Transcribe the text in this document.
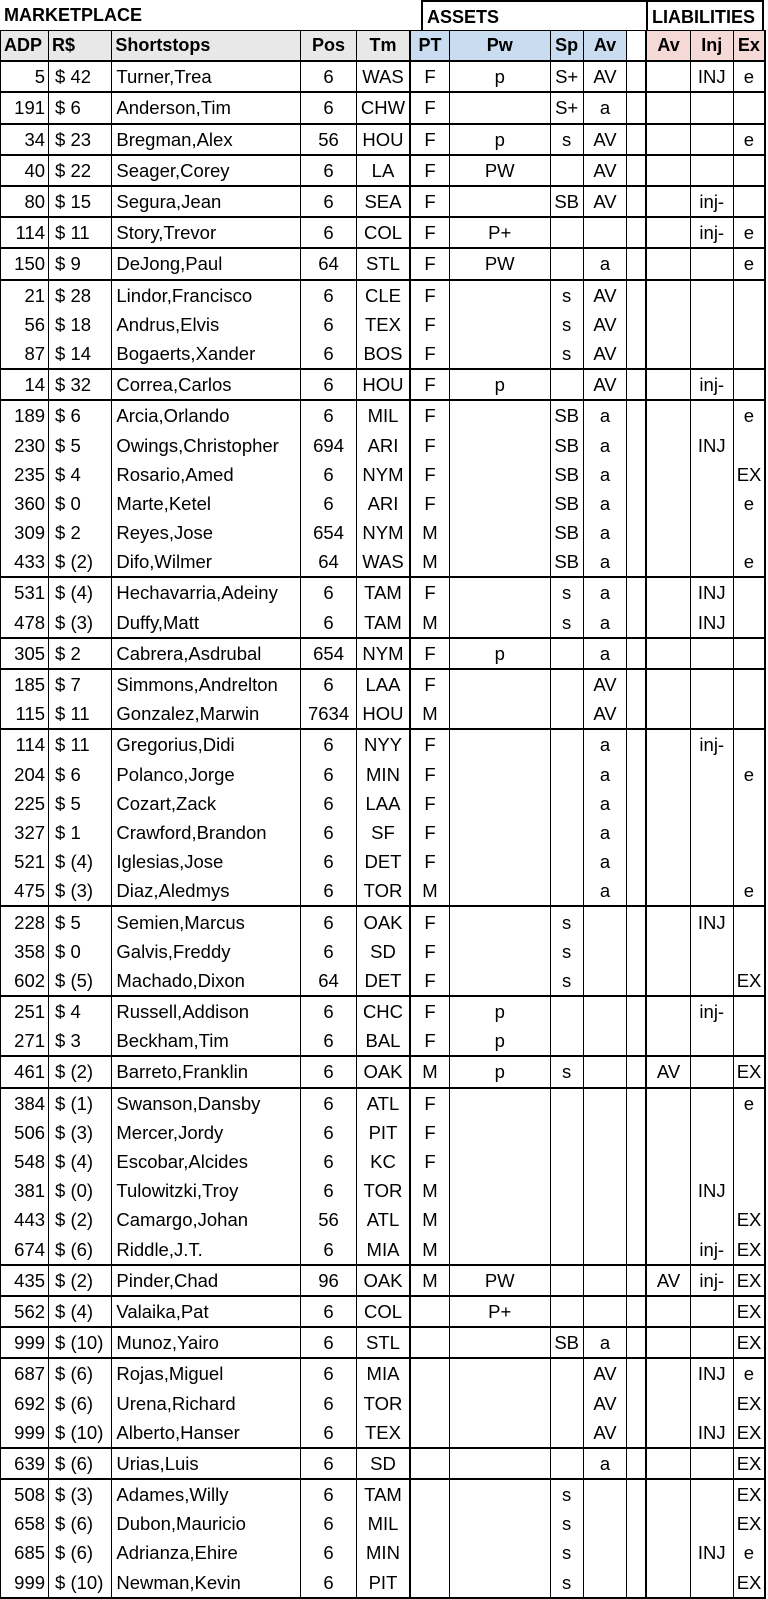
MARKETPLACE	ASSETS	LIABILITIES
ADP	R$	Shortstops	Pos	Tm	PT	Pw	Sp	Av		Av	Inj	Ex
5	$ 42	Turner,Trea	6	WAS	F	p	S+	AV			INJ	e
191	$ 6	Anderson,Tim	6	CHW	F		S+	a				
34	$ 23	Bregman,Alex	56	HOU	F	p	s	AV				e
40	$ 22	Seager,Corey	6	LA	F	PW		AV				
80	$ 15	Segura,Jean	6	SEA	F		SB	AV			inj-	
114	$ 11	Story,Trevor	6	COL	F	P+					inj-	e
150	$ 9	DeJong,Paul	64	STL	F	PW		a				e
21	$ 28	Lindor,Francisco	6	CLE	F		s	AV				
56	$ 18	Andrus,Elvis	6	TEX	F		s	AV				
87	$ 14	Bogaerts,Xander	6	BOS	F		s	AV				
14	$ 32	Correa,Carlos	6	HOU	F	p		AV			inj-	
189	$ 6	Arcia,Orlando	6	MIL	F		SB	a				e
230	$ 5	Owings,Christopher	694	ARI	F		SB	a			INJ	
235	$ 4	Rosario,Amed	6	NYM	F		SB	a				EX
360	$ 0	Marte,Ketel	6	ARI	F		SB	a				e
309	$ 2	Reyes,Jose	654	NYM	M		SB	a				
433	$ (2)	Difo,Wilmer	64	WAS	M		SB	a				e
531	$ (4)	Hechavarria,Adeiny	6	TAM	F		s	a			INJ	
478	$ (3)	Duffy,Matt	6	TAM	M		s	a			INJ	
305	$ 2	Cabrera,Asdrubal	654	NYM	F	p		a				
185	$ 7	Simmons,Andrelton	6	LAA	F			AV				
115	$ 11	Gonzalez,Marwin	7634	HOU	M			AV				
114	$ 11	Gregorius,Didi	6	NYY	F			a			inj-	
204	$ 6	Polanco,Jorge	6	MIN	F			a				e
225	$ 5	Cozart,Zack	6	LAA	F			a				
327	$ 1	Crawford,Brandon	6	SF	F			a				
521	$ (4)	Iglesias,Jose	6	DET	F			a				
475	$ (3)	Diaz,Aledmys	6	TOR	M			a				e
228	$ 5	Semien,Marcus	6	OAK	F		s				INJ	
358	$ 0	Galvis,Freddy	6	SD	F		s					
602	$ (5)	Machado,Dixon	64	DET	F		s					EX
251	$ 4	Russell,Addison	6	CHC	F	p					inj-	
271	$ 3	Beckham,Tim	6	BAL	F	p						
461	$ (2)	Barreto,Franklin	6	OAK	M	p	s			AV		EX
384	$ (1)	Swanson,Dansby	6	ATL	F							e
506	$ (3)	Mercer,Jordy	6	PIT	F							
548	$ (4)	Escobar,Alcides	6	KC	F							
381	$ (0)	Tulowitzki,Troy	6	TOR	M						INJ	
443	$ (2)	Camargo,Johan	56	ATL	M							EX
674	$ (6)	Riddle,J.T.	6	MIA	M						inj-	EX
435	$ (2)	Pinder,Chad	96	OAK	M	PW				AV	inj-	EX
562	$ (4)	Valaika,Pat	6	COL		P+						EX
999	$ (10)	Munoz,Yairo	6	STL			SB	a				EX
687	$ (6)	Rojas,Miguel	6	MIA				AV			INJ	e
692	$ (6)	Urena,Richard	6	TOR				AV				EX
999	$ (10)	Alberto,Hanser	6	TEX				AV			INJ	EX
639	$ (6)	Urias,Luis	6	SD				a				EX
508	$ (3)	Adames,Willy	6	TAM			s					EX
658	$ (6)	Dubon,Mauricio	6	MIL			s					EX
685	$ (6)	Adrianza,Ehire	6	MIN			s				INJ	e
999	$ (10)	Newman,Kevin	6	PIT			s					EX
